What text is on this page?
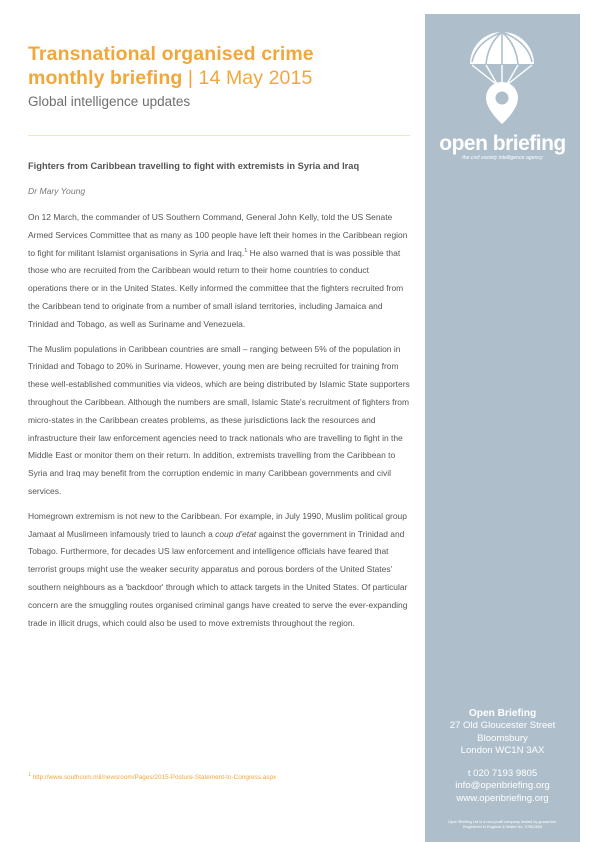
Transnational organised crime
monthly briefing | 14 May 2015
Global intelligence updates
Fighters from Caribbean travelling to fight with extremists in Syria and Iraq
Dr Mary Young

On 12 March, the commander of US Southern Command, General John Kelly, told the US Senate Armed Services Committee that as many as 100 people have left their homes in the Caribbean region to fight for militant Islamist organisations in Syria and Iraq.$^1$ He also warned that is was possible that those who are recruited from the Caribbean would return to their home countries to conduct operations there or in the United States. Kelly informed the committee that the fighters recruited from the Caribbean tend to originate from a number of small island territories, including Jamaica and Trinidad and Tobago, as well as Suriname and Venezuela.

The Muslim populations in Caribbean countries are small – ranging between 5% of the population in Trinidad and Tobago to 20% in Suriname. However, young men are being recruited for training from these well-established communities via videos, which are being distributed by Islamic State supporters throughout the Caribbean. Although the numbers are small, Islamic State's recruitment of fighters from micro-states in the Caribbean creates problems, as these jurisdictions lack the resources and infrastructure their law enforcement agencies need to track nationals who are travelling to fight in the Middle East or monitor them on their return. In addition, extremists travelling from the Caribbean to Syria and Iraq may benefit from the corruption endemic in many Caribbean governments and civil services.

Homegrown extremism is not new to the Caribbean. For example, in July 1990, Muslim political group Jamaat al Muslimeen infamously tried to launch a coup d'etat against the government in Trinidad and Tobago. Furthermore, for decades US law enforcement and intelligence officials have feared that terrorist groups might use the weaker security apparatus and porous borders of the United States' southern neighbours as a 'backdoor' through which to attack targets in the United States. Of particular concern are the smuggling routes organised criminal gangs have created to serve the ever-expanding trade in illicit drugs, which could also be used to move extremists throughout the region.

$^1$ http://www.southcom.mil/newsroom/Pages/2015-Posture-Statement-to-Congress.aspx
open briefing
the civil society intelligence agency
Open Briefing
27 Old Gloucester Street
Bloomsbury
London WC1N 3AX
t 020 7193 9805
info@openbriefing.org
www.openbriefing.org
Open Briefing Ltd is a non-profit company limited by guarantee.
Registered in England & Wales No. 07662693
